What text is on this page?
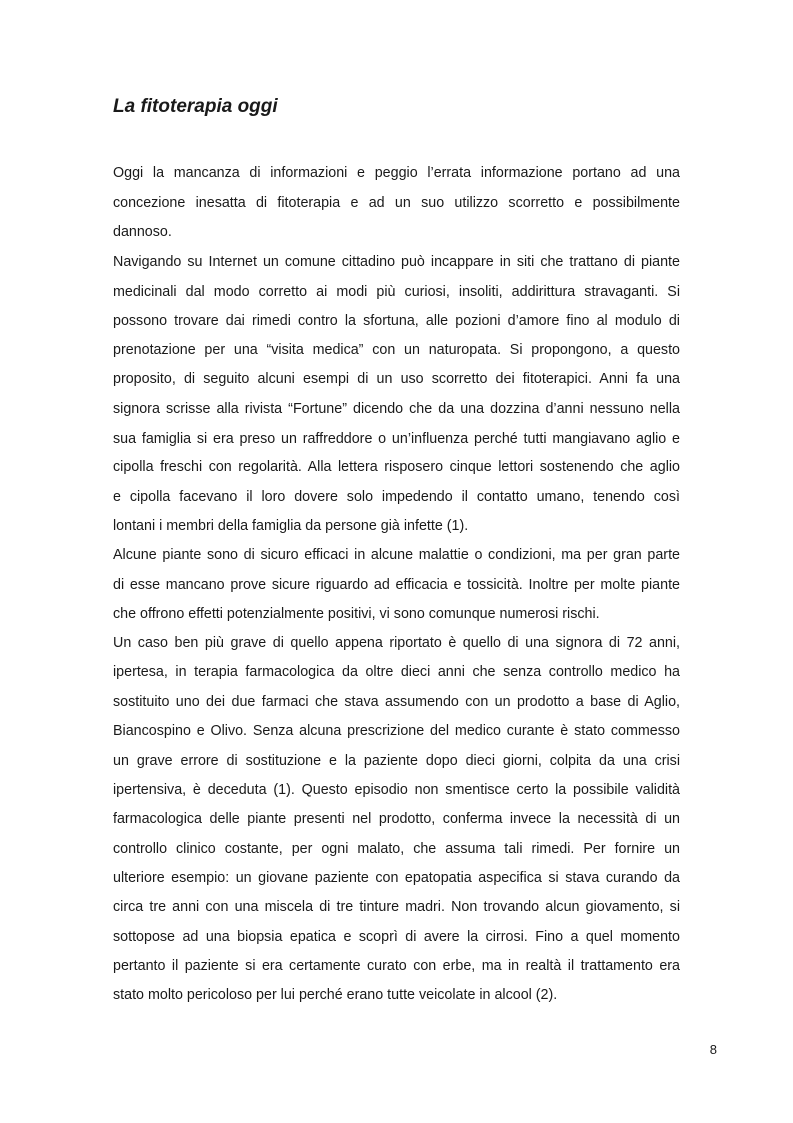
La fitoterapia oggi
Oggi la mancanza di informazioni e peggio l’errata informazione portano ad una
concezione inesatta di fitoterapia e ad un suo utilizzo scorretto e possibilmente
dannoso.
Navigando su Internet un comune cittadino può incappare in siti che trattano di piante
medicinali dal modo corretto ai modi più curiosi, insoliti, addirittura stravaganti. Si
possono trovare dai rimedi contro la sfortuna, alle pozioni d’amore fino al modulo di
prenotazione per una “visita medica” con un naturopata. Si propongono, a questo
proposito, di seguito alcuni esempi di un uso scorretto dei fitoterapici. Anni fa una
signora scrisse alla rivista “Fortune” dicendo che da una dozzina d’anni nessuno nella
sua famiglia si era preso un raffreddore o un’influenza perché tutti mangiavano aglio e
cipolla freschi con regolarità. Alla lettera risposero cinque lettori sostenendo che aglio
e cipolla facevano il loro dovere solo impedendo il contatto umano, tenendo così
lontani i membri della famiglia da persone già infette (1).
Alcune piante sono di sicuro efficaci in alcune malattie o condizioni, ma per gran parte
di esse mancano prove sicure riguardo ad efficacia e tossicità. Inoltre per molte piante
che offrono effetti potenzialmente positivi, vi sono comunque numerosi rischi.
Un caso ben più grave di quello appena riportato è quello di una signora di 72 anni,
ipertesa, in terapia farmacologica da oltre dieci anni che senza controllo medico ha
sostituito uno dei due farmaci che stava assumendo con un prodotto a base di Aglio,
Biancospino e Olivo. Senza alcuna prescrizione del medico curante è stato commesso
un grave errore di sostituzione e la paziente dopo dieci giorni, colpita da una crisi
ipertensiva, è deceduta (1). Questo episodio non smentisce certo la possibile validità
farmacologica delle piante presenti nel prodotto, conferma invece la necessità di un
controllo clinico costante, per ogni malato, che assuma tali rimedi. Per fornire un
ulteriore esempio: un giovane paziente con epatopatia aspecifica si stava curando da
circa tre anni con una miscela di tre tinture madri. Non trovando alcun giovamento, si
sottopose ad una biopsia epatica e scoprì di avere la cirrosi. Fino a quel momento
pertanto il paziente si era certamente curato con erbe, ma in realtà il trattamento era
stato molto pericoloso per lui perché erano tutte veicolate in alcool (2).
8
